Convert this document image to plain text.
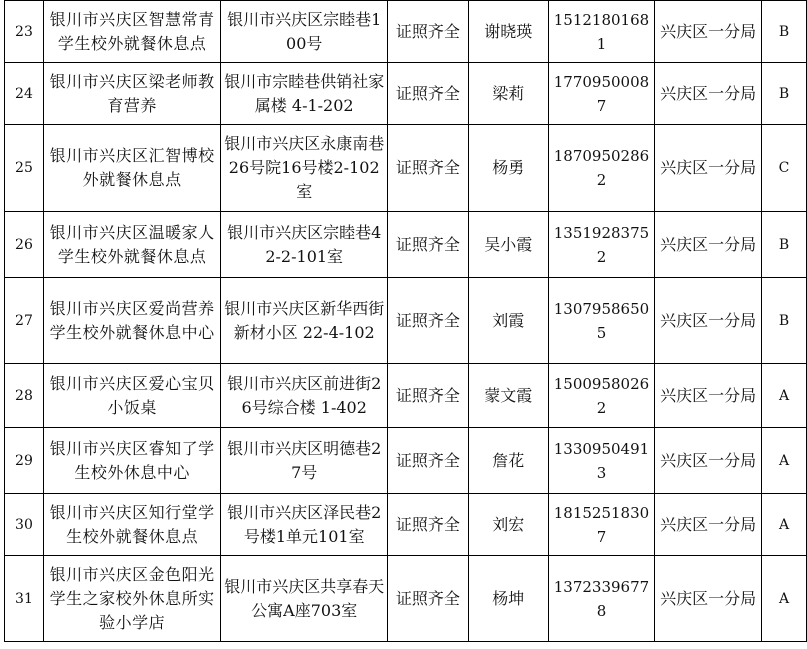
23	银川市兴庆区智慧常青学生校外就餐休息点	银川市兴庆区宗睦巷100号	证照齐全	谢晓瑛	15121801681	兴庆区一分局	B
24	银川市兴庆区梁老师教育营养	银川市宗睦巷供销社家属楼 4-1-202	证照齐全	梁莉	17709500087	兴庆区一分局	B
25	银川市兴庆区汇智博校外就餐休息点	银川市兴庆区永康南巷26号院16号楼2-102室	证照齐全	杨勇	18709502862	兴庆区一分局	C
26	银川市兴庆区温暖家人学生校外就餐休息点	银川市兴庆区宗睦巷42-2-101室	证照齐全	吴小霞	13519283752	兴庆区一分局	B
27	银川市兴庆区爱尚营养学生校外就餐休息中心	银川市兴庆区新华西街新材小区 22-4-102	证照齐全	刘霞	13079586505	兴庆区一分局	B
28	银川市兴庆区爱心宝贝小饭桌	银川市兴庆区前进街26号综合楼 1-402	证照齐全	蒙文霞	15009580262	兴庆区一分局	A
29	银川市兴庆区睿知了学生校外休息中心	银川市兴庆区明德巷27号	证照齐全	詹花	13309504913	兴庆区一分局	A
30	银川市兴庆区知行堂学生校外就餐休息点	银川市兴庆区泽民巷2号楼1单元101室	证照齐全	刘宏	18152518307	兴庆区一分局	A
31	银川市兴庆区金色阳光学生之家校外休息所实验小学店	银川市兴庆区共享春天公寓A座703室	证照齐全	杨坤	13723396778	兴庆区一分局	A
